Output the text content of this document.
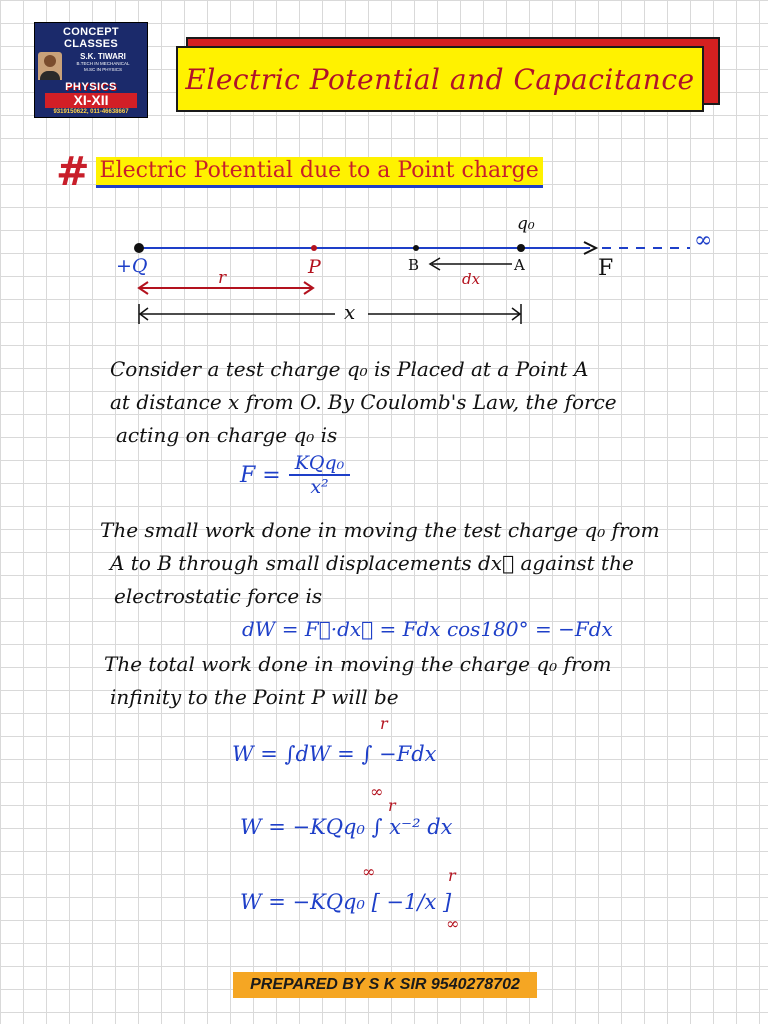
CONCEPT CLASSES
S.K. TIWARI
B.TECH IN MECHANICAL
M.SC IN PHYSICS
PHYSICS
XI-XII
9319150622, 011-46638667
Electric Potential and Capacitance
# Electric Potential due to a Point charge
q₀
∞
+Q	P	B	A	F
dx
r
x
Consider a test charge q₀ is Placed at a Point A
at distance x from O. By Coulomb's Law, the force
acting on charge q₀ is
$F = \frac{\text{KQq₀}}{\text{x²}}$
The small work done in moving the test charge q₀ from
A to B through small displacements dx⃗ against the
electrostatic force is
dW = F⃗·dx⃗ = Fdx cos180° = −Fdx
The total work done in moving the charge q₀ from
infinity to the Point P will be
W = ∫dW = ∫ −Fdx
r
∞
W = −KQq₀ ∫ x⁻² dx
r
∞
W = −KQq₀ [ −1/x ]
r
∞
PREPARED BY S K SIR 9540278702
